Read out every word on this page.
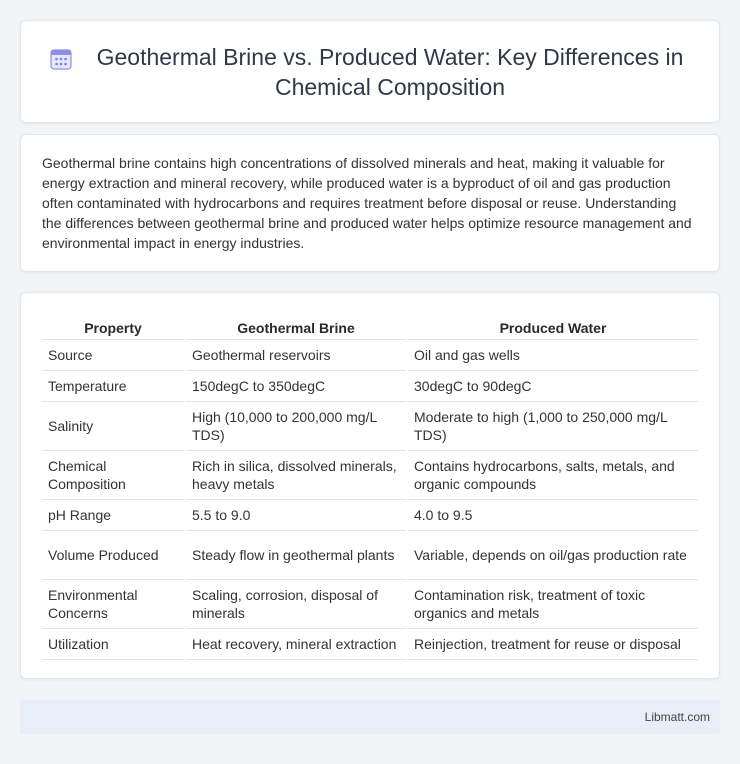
Geothermal Brine vs. Produced Water: Key Differences in Chemical Composition

Geothermal brine contains high concentrations of dissolved minerals and heat, making it valuable for energy extraction and mineral recovery, while produced water is a byproduct of oil and gas production often contaminated with hydrocarbons and requires treatment before disposal or reuse. Understanding the differences between geothermal brine and produced water helps optimize resource management and environmental impact in energy industries.

Property	Geothermal Brine	Produced Water
Source	Geothermal reservoirs	Oil and gas wells
Temperature	150degC to 350degC	30degC to 90degC
Salinity	High (10,000 to 200,000 mg/L TDS)	Moderate to high (1,000 to 250,000 mg/L TDS)
Chemical Composition	Rich in silica, dissolved minerals, heavy metals	Contains hydrocarbons, salts, metals, and organic compounds
pH Range	5.5 to 9.0	4.0 to 9.5
Volume Produced	Steady flow in geothermal plants	Variable, depends on oil/gas production rate
Environmental Concerns	Scaling, corrosion, disposal of minerals	Contamination risk, treatment of toxic organics and metals
Utilization	Heat recovery, mineral extraction	Reinjection, treatment for reuse or disposal
Libmatt.com
